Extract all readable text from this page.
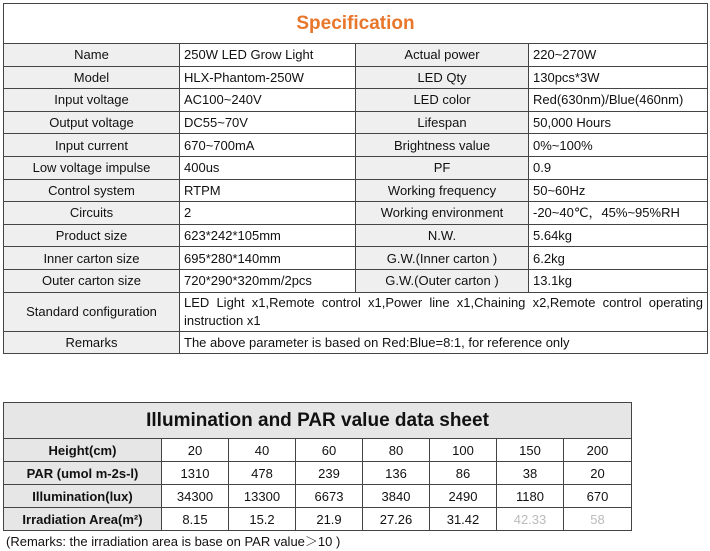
Specification			
Name	250W LED Grow Light	Actual power	220~270W
Model	HLX-Phantom-250W	LED Qty	130pcs*3W
Input voltage	AC100~240V	LED color	Red(630nm)/Blue(460nm)
Output voltage	DC55~70V	Lifespan	50,000 Hours
Input current	670~700mA	Brightness value	0%~100%
Low voltage impulse	400us	PF	0.9
Control system	RTPM	Working frequency	50~60Hz
Circuits	2	Working environment	-20~40℃，45%~95%RH
Product size	623*242*105mm	N.W.	5.64kg
Inner carton size	695*280*140mm	G.W.(Inner carton )	6.2kg
Outer carton size	720*290*320mm/2pcs	G.W.(Outer carton )	13.1kg
Standard configuration	LED Light x1,Remote control x1,Power line x1,Chaining x2,Remote control operating instruction x1		
Remarks	The above parameter is based on Red:Blue=8:1, for reference only		
Illumination and PAR value data sheet							
Height(cm)	20	40	60	80	100	150	200
PAR (umol m-2s-l)	1310	478	239	136	86	38	20
Illumination(lux)	34300	13300	6673	3840	2490	1180	670
Irradiation Area(m²)	8.15	15.2	21.9	27.26	31.42	42.33	58
(Remarks: the irradiation area is base on PAR value＞10 )
